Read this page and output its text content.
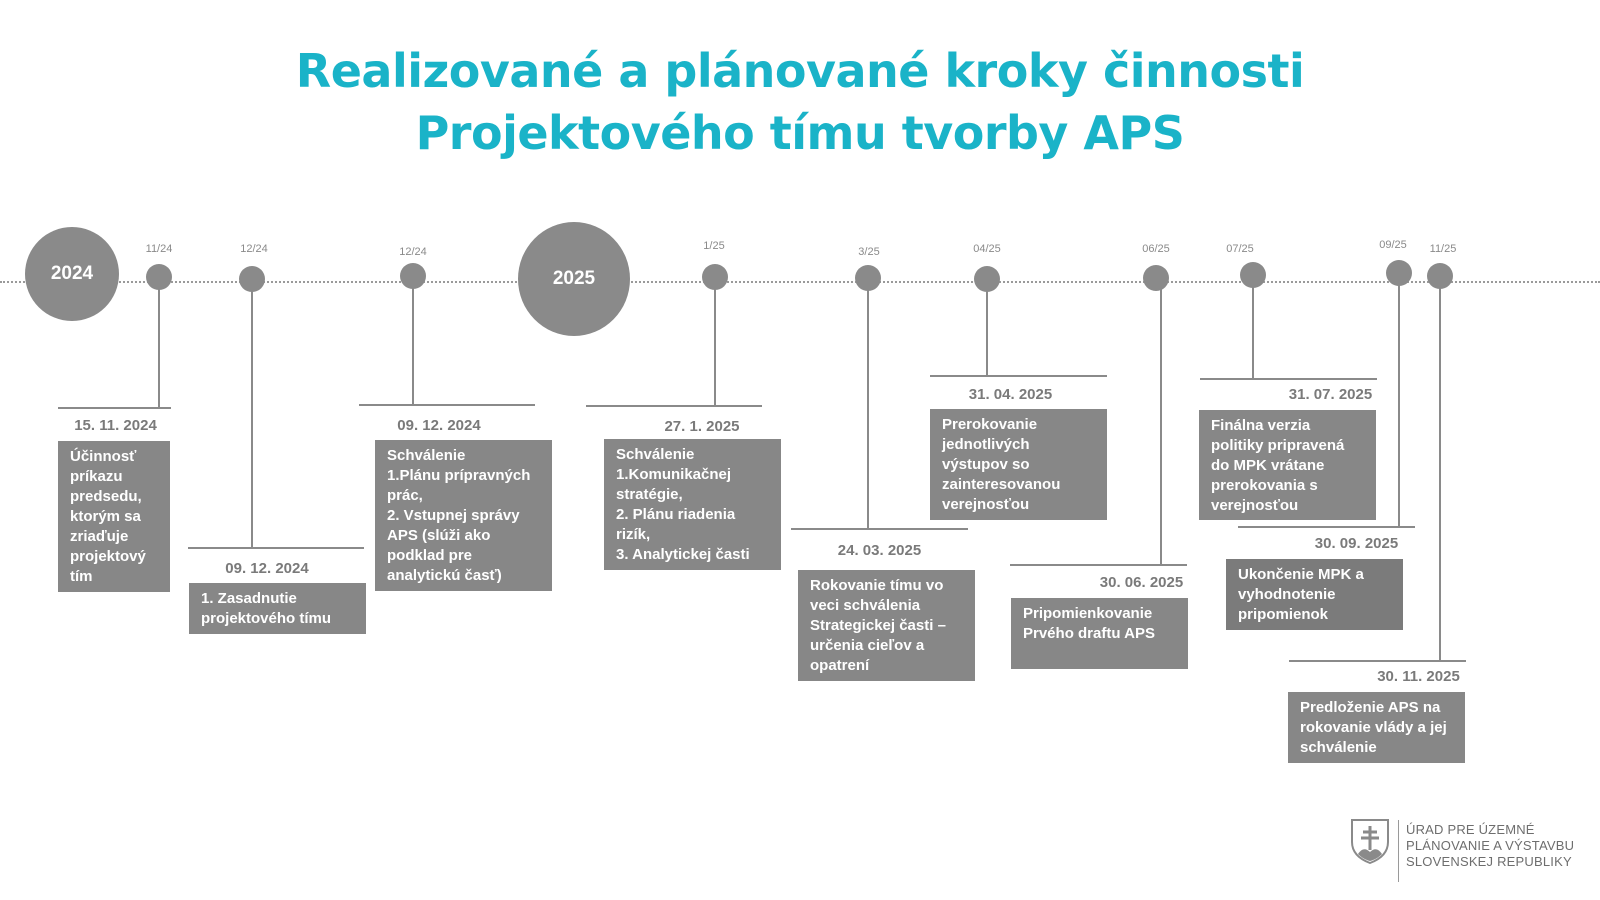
Realizované a plánované kroky činnosti
Projektového tímu tvorby APS
2024	2025
11/24	12/24	12/24	1/25	3/25	04/25	06/25	07/25	09/25	11/25
15. 11. 2024
Účinnosť
príkazu
predsedu,
ktorým sa
zriaďuje
projektový
tím	09. 12. 2024
1. Zasadnutie
projektového tímu
09. 12. 2024
Schválenie
1.Plánu prípravných
prác,
2. Vstupnej správy
APS (slúži ako
podklad pre
analytickú časť)
27. 1. 2025
Schválenie
1.Komunikačnej
stratégie,
2. Plánu riadenia
rizík,
3. Analytickej časti	24. 03. 2025
Rokovanie tímu vo
veci schválenia
Strategickej časti –
určenia cieľov a
opatrení
31. 04. 2025
Prerokovanie
jednotlivých
výstupov so
zainteresovanou
verejnosťou
30. 06. 2025
Pripomienkovanie
Prvého draftu APS
31. 07. 2025
Finálna verzia
politiky pripravená
do MPK vrátane
prerokovania s
verejnosťou
30. 09. 2025
Ukončenie MPK a
vyhodnotenie
pripomienok
30. 11. 2025
Predloženie APS na
rokovanie vlády a jej
schválenie
ÚRAD PRE ÚZEMNÉ
PLÁNOVANIE A VÝSTAVBU
SLOVENSKEJ REPUBLIKY
